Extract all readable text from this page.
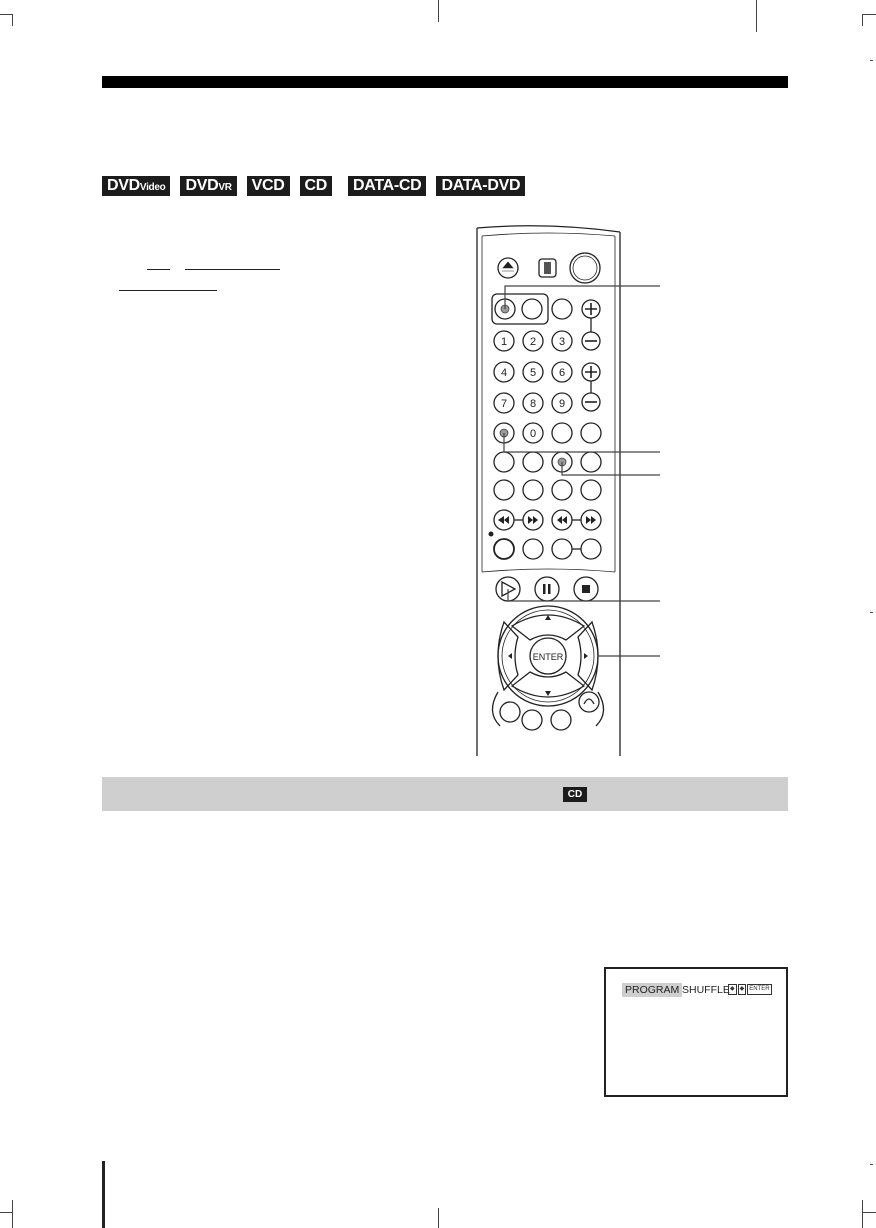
DVDVideo	DVDVR	VCD	CD	DATA-CD	DATA-DVD
1 2 3
4 5 6
7 8 9
0
ENTER
CD
PROGRAM SHUFFLE ◆ ◆ ENTER
